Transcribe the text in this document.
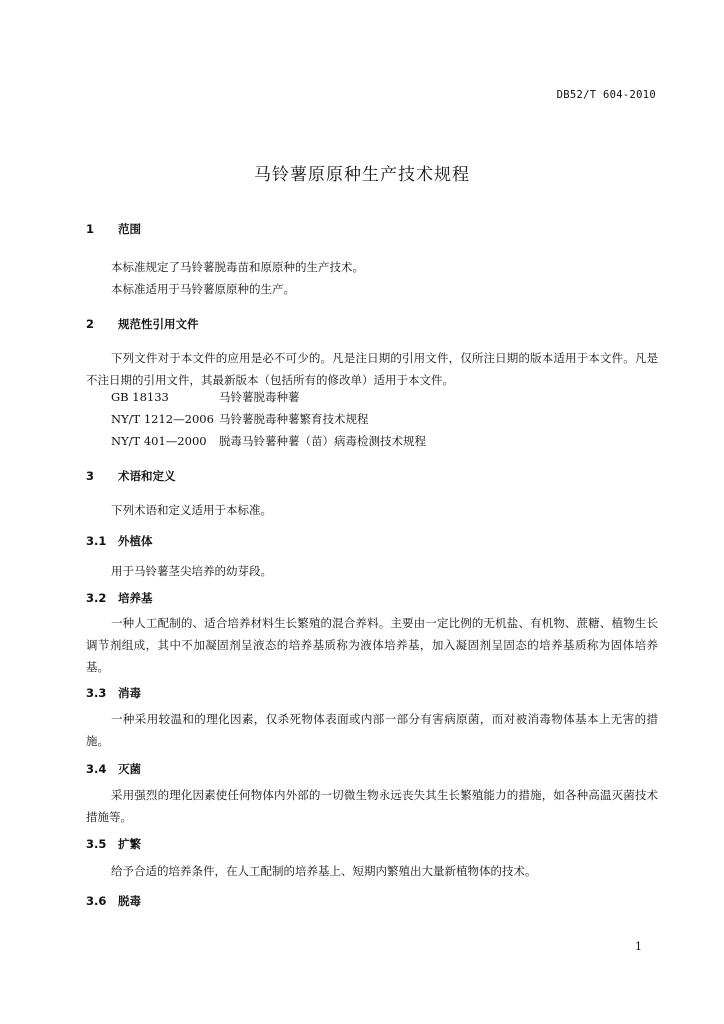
DB52/T 604-2010
马铃薯原原种生产技术规程
1 范围
本标准规定了马铃薯脱毒苗和原原种的生产技术。
本标准适用于马铃薯原原种的生产。
2 规范性引用文件
下列文件对于本文件的应用是必不可少的。凡是注日期的引用文件，仅所注日期的版本适用于本文件。凡是不注日期的引用文件，其最新版本（包括所有的修改单）适用于本文件。
GB 18133	马铃薯脱毒种薯
NY/T 1212—2006	马铃薯脱毒种薯繁育技术规程
NY/T 401—2000	脱毒马铃薯种薯（苗）病毒检测技术规程
3 术语和定义
下列术语和定义适用于本标准。
3.1 外植体
用于马铃薯茎尖培养的幼芽段。
3.2 培养基
一种人工配制的、适合培养材料生长繁殖的混合养料。主要由一定比例的无机盐、有机物、蔗糖、植物生长调节剂组成，其中不加凝固剂呈液态的培养基质称为液体培养基，加入凝固剂呈固态的培养基质称为固体培养基。
3.3 消毒
一种采用较温和的理化因素，仅杀死物体表面或内部一部分有害病原菌，而对被消毒物体基本上无害的措施。
3.4 灭菌
采用强烈的理化因素使任何物体内外部的一切微生物永远丧失其生长繁殖能力的措施，如各种高温灭菌技术措施等。
3.5 扩繁
给予合适的培养条件，在人工配制的培养基上、短期内繁殖出大量新植物体的技术。
3.6 脱毒
1
